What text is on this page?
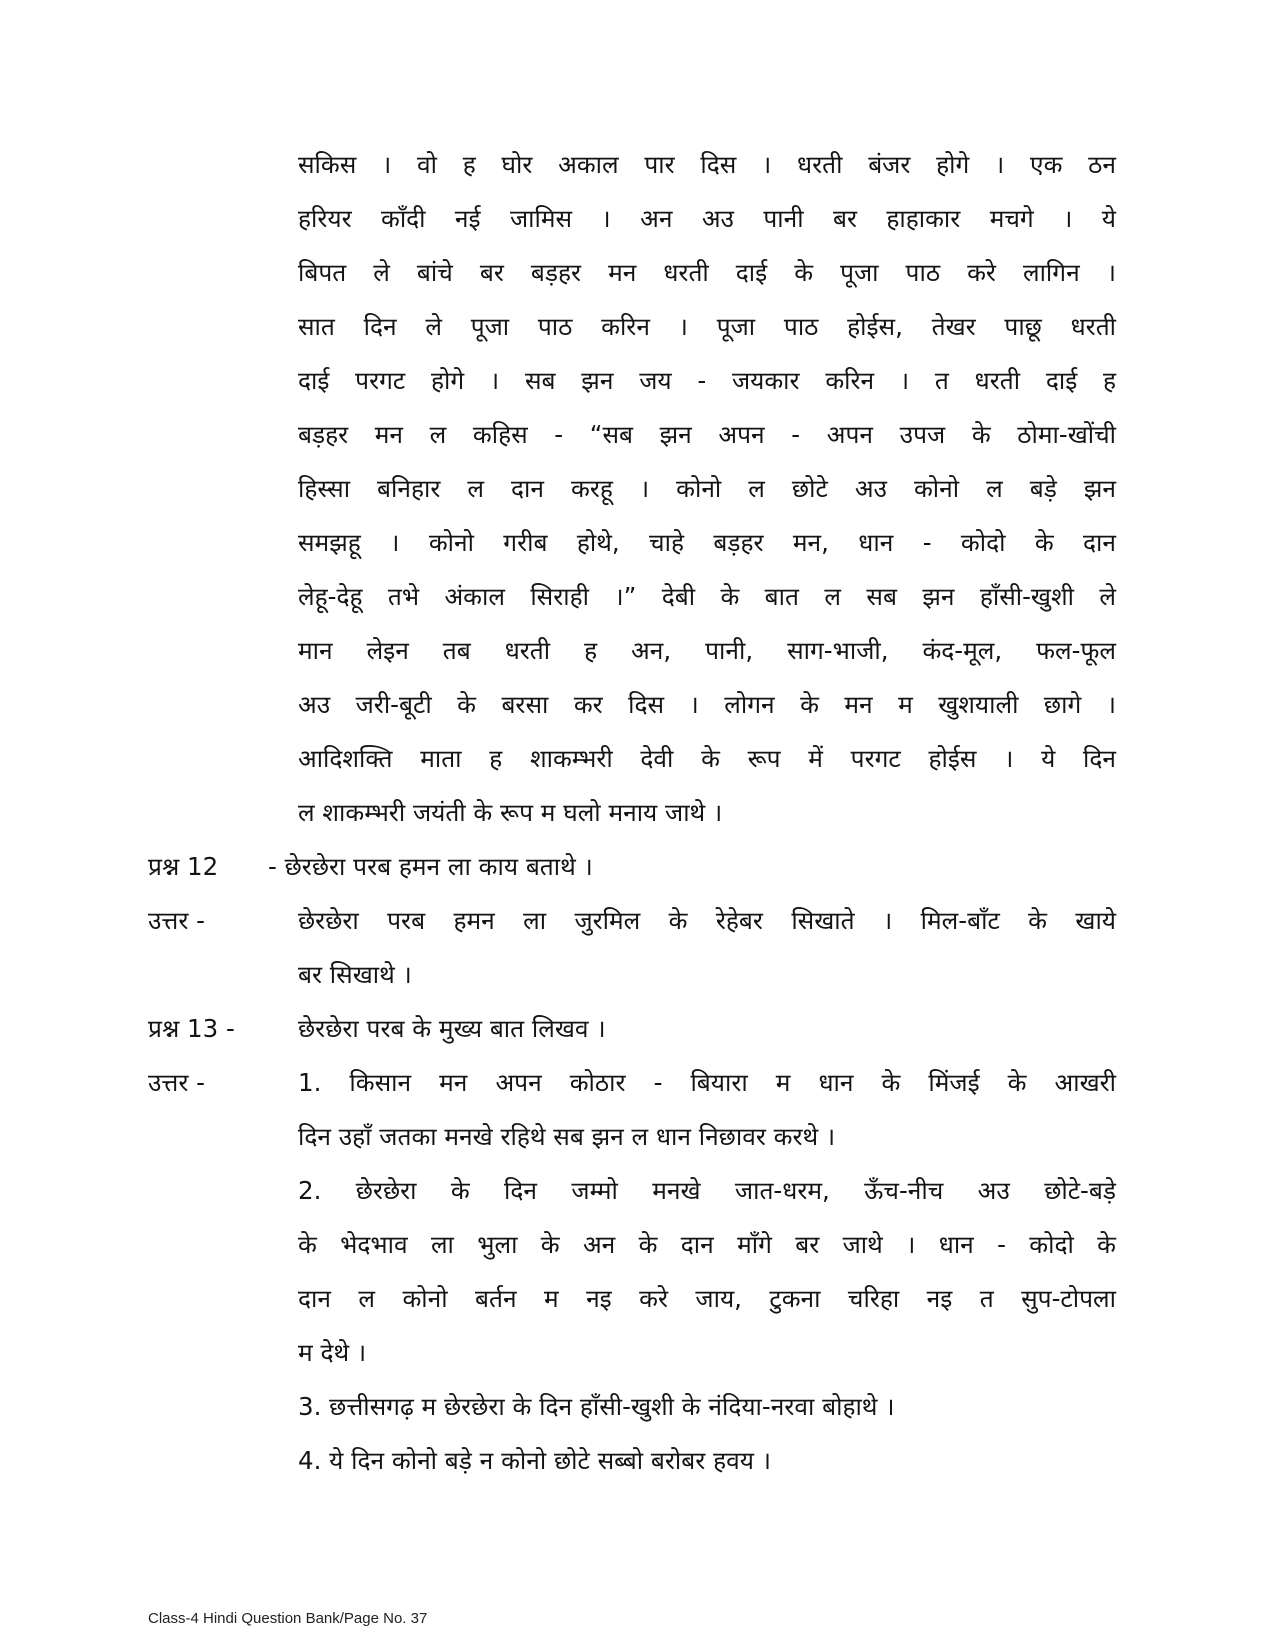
सकिस । वो ह घोर अकाल पार दिस । धरती बंजर होगे । एक ठन
हरियर काँदी नई जामिस । अन अउ पानी बर हाहाकार मचगे । ये
बिपत ले बांचे बर बड़हर मन धरती दाई के पूजा पाठ करे लागिन ।
सात दिन ले पूजा पाठ करिन । पूजा पाठ होईस, तेखर पाछू धरती
दाई परगट होगे । सब झन जय - जयकार करिन । त धरती दाई ह
बड़हर मन ल कहिस - “सब झन अपन - अपन उपज के ठोमा-खोंची
हिस्सा बनिहार ल दान करहू । कोनो ल छोटे अउ कोनो ल बड़े झन
समझहू । कोनो गरीब होथे, चाहे बड़हर मन, धान - कोदो के दान
लेहू-देहू तभे अंकाल सिराही ।” देबी के बात ल सब झन हाँसी-खुशी ले
मान लेइन तब धरती ह अन, पानी, साग-भाजी, कंद-मूल, फल-फूल
अउ जरी-बूटी के बरसा कर दिस । लोगन के मन म खुशयाली छागे ।
आदिशक्ति माता ह शाकम्भरी देवी के रूप में परगट होईस । ये दिन
ल शाकम्भरी जयंती के रूप म घलो मनाय जाथे ।
प्रश्न 12 - छेरछेरा परब हमन ला काय बताथे ।
उत्तर -	छेरछेरा परब हमन ला जुरमिल के रेहेबर सिखाते । मिल-बाँट के खाये
बर सिखाथे ।
प्रश्न 13 -	छेरछेरा परब के मुख्य बात लिखव ।
उत्तर -	1. किसान मन अपन कोठार - बियारा म धान के मिंजई के आखरी
दिन उहाँ जतका मनखे रहिथे सब झन ल धान निछावर करथे ।
2. छेरछेरा के दिन जम्मो मनखे जात-धरम, ऊँच-नीच अउ छोटे-बड़े
के भेदभाव ला भुला के अन के दान माँगे बर जाथे । धान - कोदो के
दान ल कोनो बर्तन म नइ करे जाय, टुकना चरिहा नइ त सुप-टोपला
म देथे ।
3. छत्तीसगढ़ म छेरछेरा के दिन हाँसी-खुशी के नंदिया-नरवा बोहाथे ।
4. ये दिन कोनो बड़े न कोनो छोटे सब्बो बरोबर हवय ।
Class-4 Hindi Question Bank/Page No. 37
